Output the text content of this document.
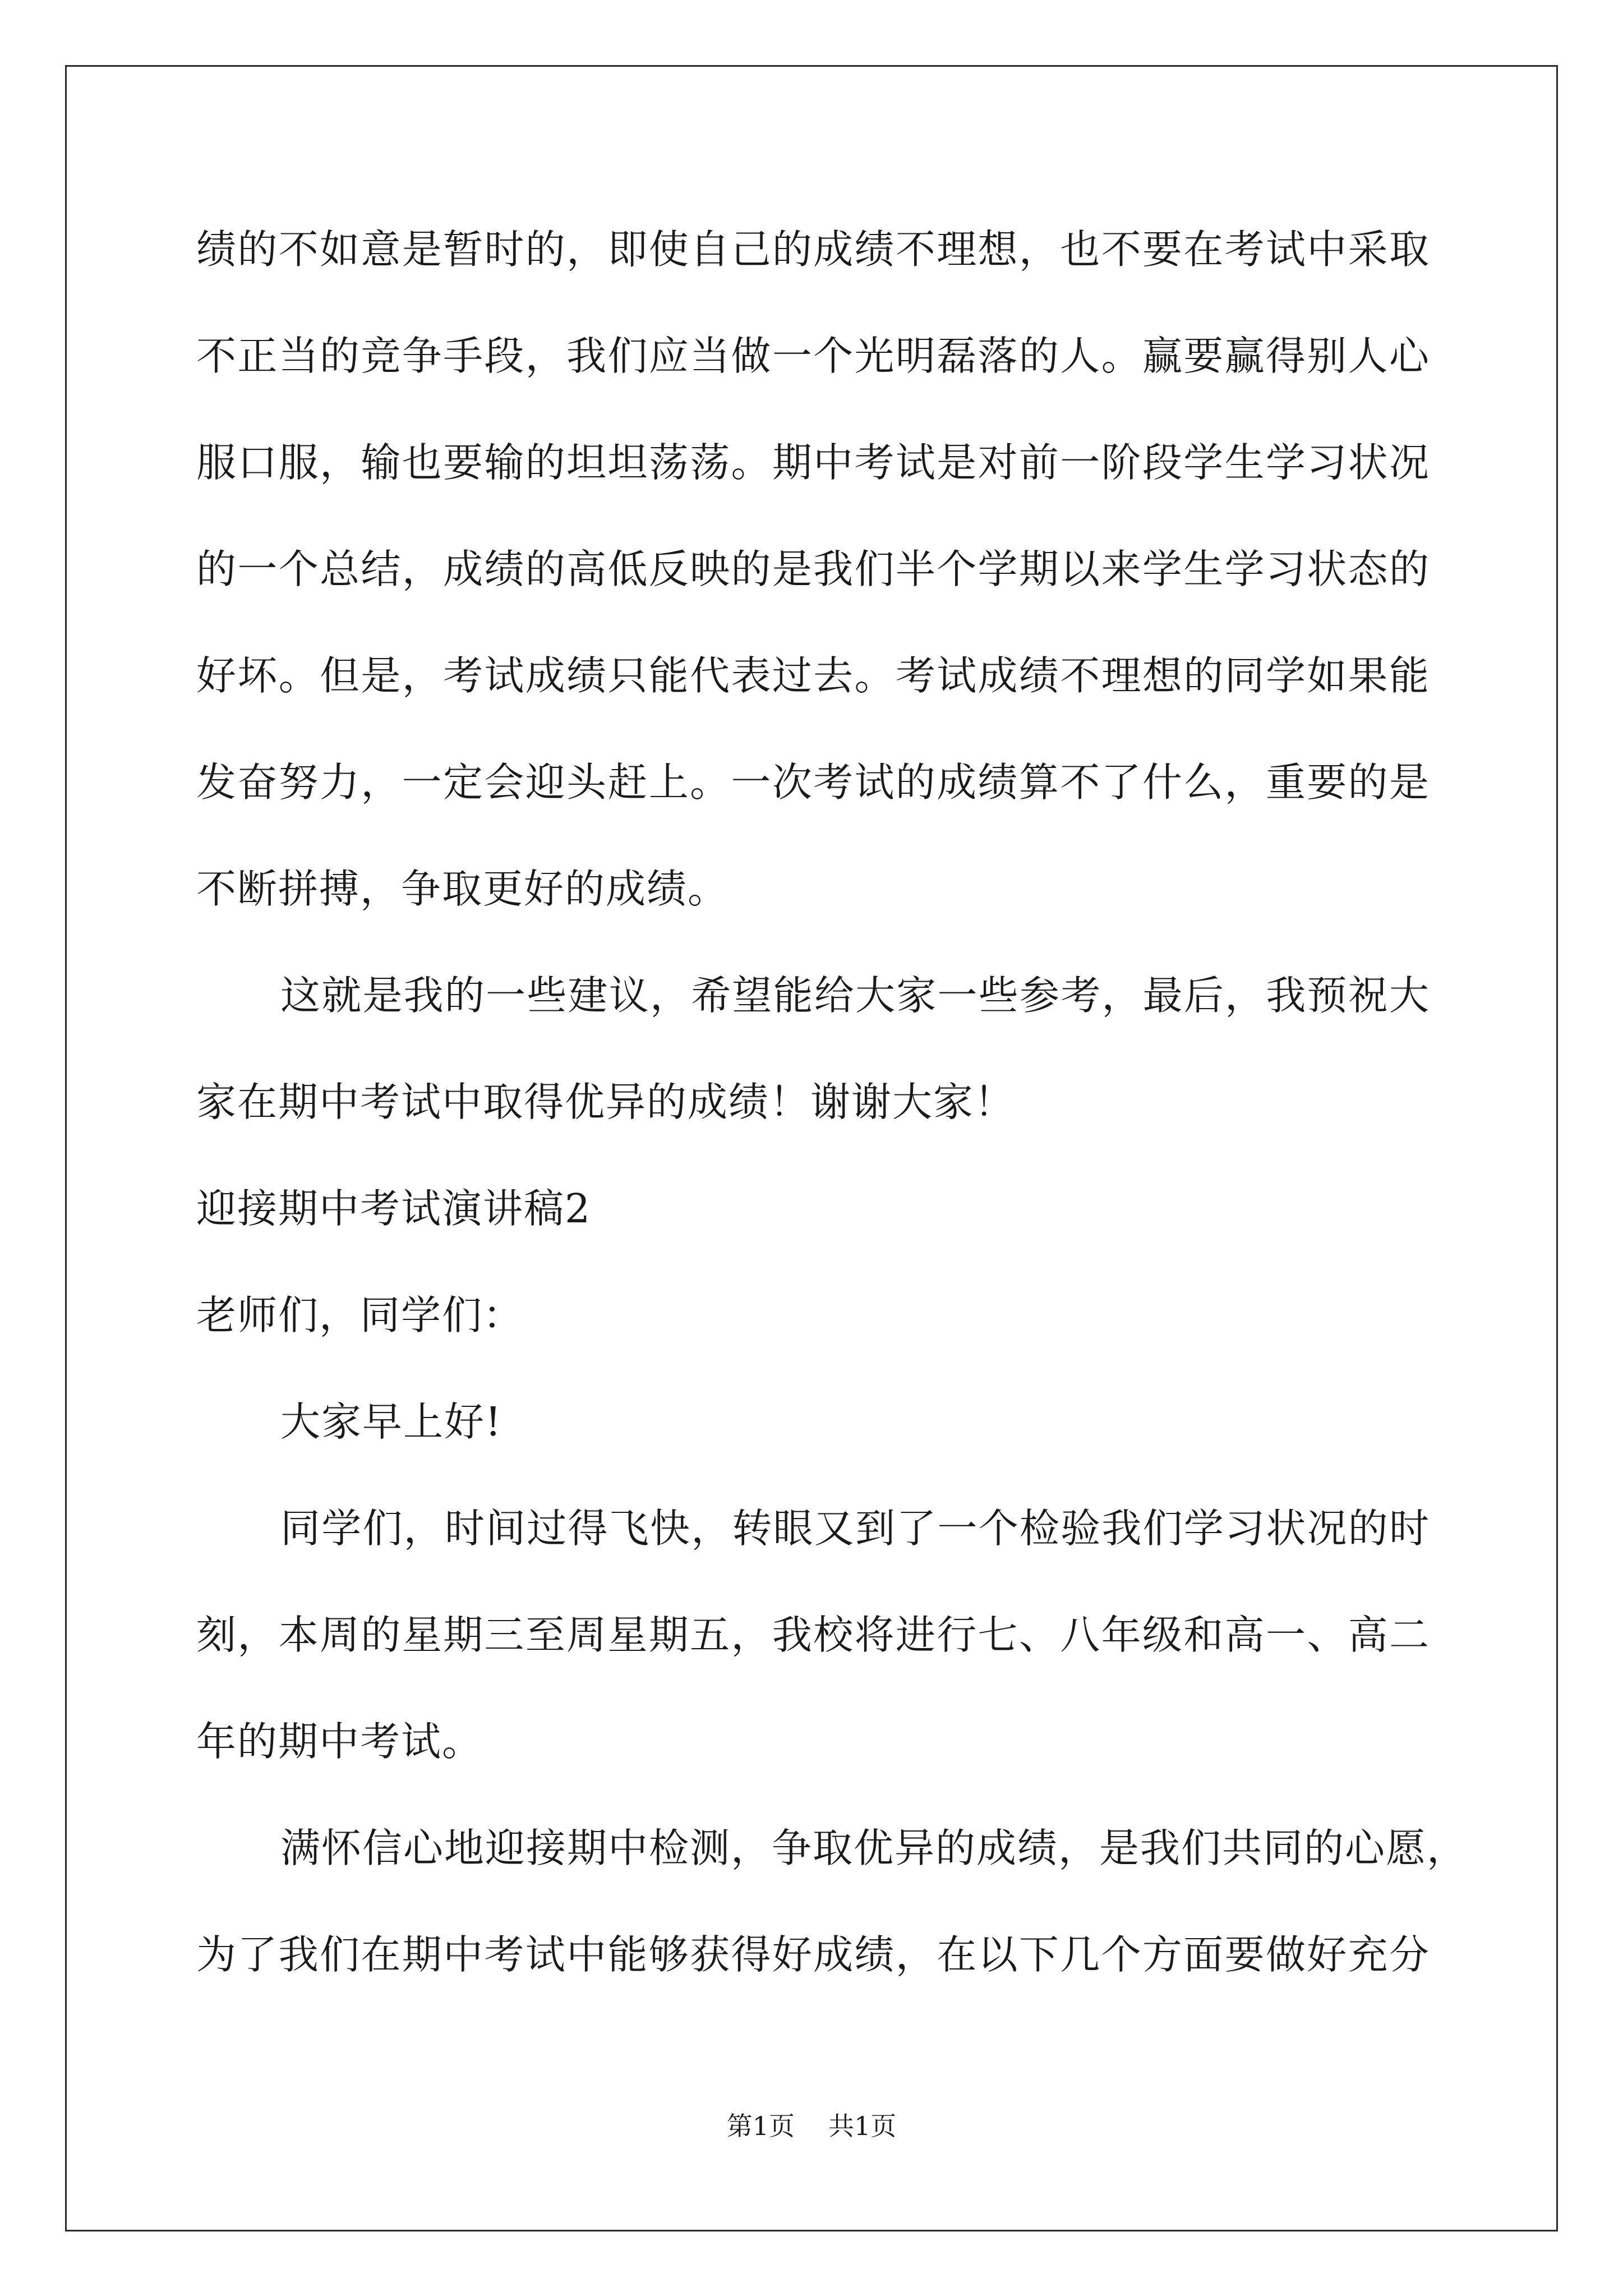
绩的不如意是暂时的，即使自己的成绩不理想，也不要在考试中采取
不正当的竞争手段，我们应当做一个光明磊落的人。赢要赢得别人心
服口服，输也要输的坦坦荡荡。期中考试是对前一阶段学生学习状况
的一个总结，成绩的高低反映的是我们半个学期以来学生学习状态的
好坏。但是，考试成绩只能代表过去。考试成绩不理想的同学如果能
发奋努力，一定会迎头赶上。一次考试的成绩算不了什么，重要的是
不断拼搏，争取更好的成绩。
这就是我的一些建议，希望能给大家一些参考，最后，我预祝大
家在期中考试中取得优异的成绩！谢谢大家！
迎接期中考试演讲稿2
老师们，同学们：
大家早上好!
同学们，时间过得飞快，转眼又到了一个检验我们学习状况的时
刻，本周的星期三至周星期五，我校将进行七、八年级和高一、高二
年的期中考试。
满怀信心地迎接期中检测，争取优异的成绩，是我们共同的心愿，
为了我们在期中考试中能够获得好成绩，在以下几个方面要做好充分
第1页 共1页
